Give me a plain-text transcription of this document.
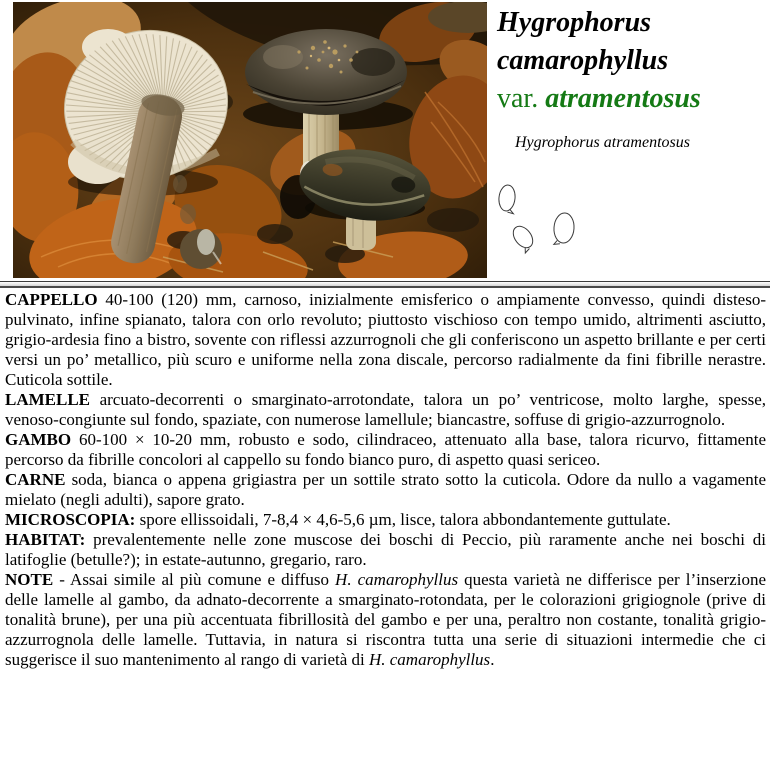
Hygrophorus
camarophyllus
var. atramentosus
Hygrophorus atramentosus

CAPPELLO 40-100 (120) mm, carnoso, inizialmente emisferico o ampiamente convesso, quindi disteso-pulvinato, infine spianato, talora con orlo revoluto; piuttosto vischioso con tempo umido, altrimenti asciutto, grigio-ardesia fino a bistro, sovente con riflessi azzurrognoli che gli conferiscono un aspetto brillante e per certi versi un po’ metallico, più scuro e uniforme nella zona discale, percorso radialmente da fini fibrille nerastre. Cuticola sottile.

LAMELLE arcuato-decorrenti o smarginato-arrotondate, talora un po’ ventricose, molto larghe, spesse, venoso-congiunte sul fondo, spaziate, con numerose lamellule; biancastre, soffuse di grigio-azzurrognolo.

GAMBO 60-100 × 10-20 mm, robusto e sodo, cilindraceo, attenuato alla base, talora ricurvo, fittamente percorso da fibrille concolori al cappello su fondo bianco puro, di aspetto quasi sericeo.

CARNE soda, bianca o appena grigiastra per un sottile strato sotto la cuticola. Odore da nullo a vagamente mielato (negli adulti), sapore grato.

MICROSCOPIA: spore ellissoidali, 7-8,4 × 4,6-5,6 µm, lisce, talora abbondantemente guttulate.

HABITAT: prevalentemente nelle zone muscose dei boschi di Peccio, più raramente anche nei boschi di latifoglie (betulle?); in estate-autunno, gregario, raro.

NOTE - Assai simile al più comune e diffuso H. camarophyllus questa varietà ne differisce per l’inserzione delle lamelle al gambo, da adnato-decorrente a smarginato-rotondata, per le colorazioni grigiognole (prive di tonalità brune), per una più accentuata fibrillosità del gambo e per una, peraltro non costante, tonalità grigio-azzurrognola delle lamelle. Tuttavia, in natura si riscontra tutta una serie di situazioni intermedie che ci suggerisce il suo mantenimento al rango di varietà di H. camarophyllus.
